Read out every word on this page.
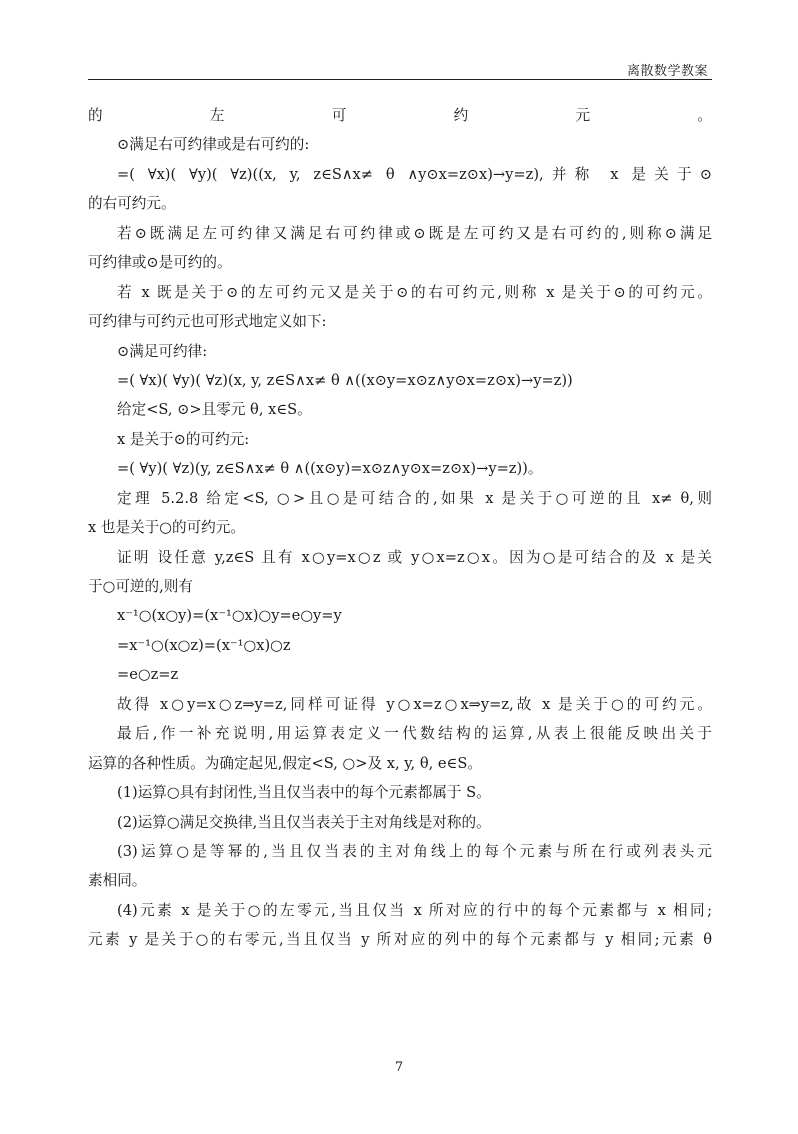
离散数学教案
的左可约元。
⊙满足右可约律或是右可约的:
=( ∀x)( ∀y)( ∀z)((x, y, z∈S∧x≠ θ ∧y⊙x=z⊙x)→y=z),并称 x 是关于⊙
的右可约元。
若⊙既满足左可约律又满足右可约律或⊙既是左可约又是右可约的,则称⊙满足
可约律或⊙是可约的。
若 x 既是关于⊙的左可约元又是关于⊙的右可约元,则称 x 是关于⊙的可约元。
可约律与可约元也可形式地定义如下:
⊙满足可约律:
=( ∀x)( ∀y)( ∀z)(x, y, z∈S∧x≠ θ ∧((x⊙y=x⊙z∧y⊙x=z⊙x)→y=z))
给定<S, ⊙>且零元 θ, x∈S。
x 是关于⊙的可约元:
=( ∀y)( ∀z)(y, z∈S∧x≠ θ ∧((x⊙y)=x⊙z∧y⊙x=z⊙x)→y=z))。
定理 5.2.8 给定<S, ○>且○是可结合的,如果 x 是关于○可逆的且 x≠ θ,则
x 也是关于○的可约元。
证明 设任意 y,z∈S 且有 x○y=x○z 或 y○x=z○x。因为○是可结合的及 x 是关
于○可逆的,则有
x⁻¹○(x○y)=(x⁻¹○x)○y=e○y=y
=x⁻¹○(x○z)=(x⁻¹○x)○z
=e○z=z
故得 x○y=x○z⇒y=z,同样可证得 y○x=z○x⇒y=z,故 x 是关于○的可约元。
最后,作一补充说明,用运算表定义一代数结构的运算,从表上很能反映出关于
运算的各种性质。为确定起见,假定<S, ○>及 x, y, θ, e∈S。
(1)运算○具有封闭性,当且仅当表中的每个元素都属于 S。
(2)运算○满足交换律,当且仅当表关于主对角线是对称的。
(3)运算○是等幂的,当且仅当表的主对角线上的每个元素与所在行或列表头元
素相同。
(4)元素 x 是关于○的左零元,当且仅当 x 所对应的行中的每个元素都与 x 相同;
元素 y 是关于○的右零元,当且仅当 y 所对应的列中的每个元素都与 y 相同;元素 θ
7
